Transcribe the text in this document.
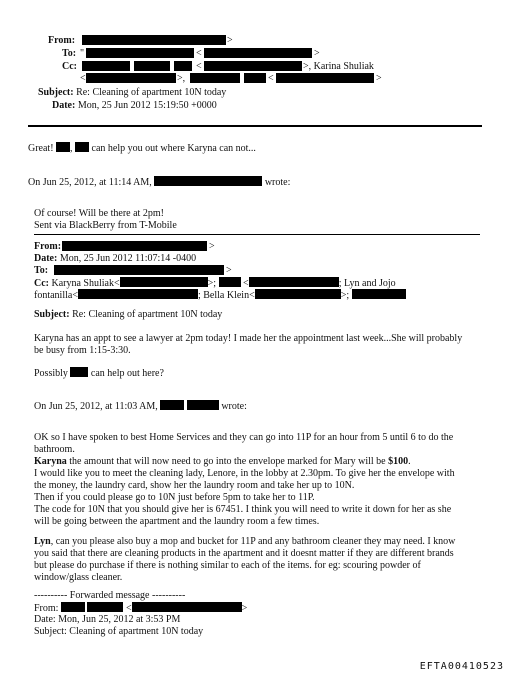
From:	>
To: "	<	>
Cc:	<	>, Karina Shuliak
<	>,	<	>
Subject: Re: Cleaning of apartment 10N today
Date: Mon, 25 Jun 2012 15:19:50 +0000
Great! ,  can help you out where Karyna can not...
On Jun 25, 2012, at 11:14 AM,	wrote:
Of course! Will be there at 2pm!
Sent via BlackBerry from T-Mobile
From:	>
Date: Mon, 25 Jun 2012 11:07:14 -0400
To:	>
Cc: Karyna Shuliak<	>;  <	; Lyn and Jojo
fontanilla<	; Bella Klein<	>;
Subject: Re: Cleaning of apartment 10N today
Karyna has an appt to see a lawyer at 2pm today! I made her the appointment last week...She will probably be busy from 1:15-3:30.
Possibly can help out here?
On Jun 25, 2012, at 11:03 AM,	wrote:
OK so I have spoken to best Home Services and they can go into 11P for an hour from 5 until 6 to do the bathroom.
Karyna the amount that will now need to go into the envelope marked for Mary will be $100.
I would like you to meet the cleaning lady, Lenore, in the lobby at 2.30pm. To give her the envelope with the money, the laundry card, show her the laundry room and take her up to 10N.
Then if you could please go to 10N just before 5pm to take her to 11P.
The code for 10N that you should give her is 67451. I think you will need to write it down for her as she will be going between the apartment and the laundry room a few times.
Lyn, can you please also buy a mop and bucket for 11P and any bathroom cleaner they may need. I know you said that there are cleaning products in the apartment and it doesnt matter if they are different brands but please do purchase if there is nothing similar to each of the items. for eg: scouring powder of window/glass cleaner.
---------- Forwarded message ----------
From:	<	>
Date: Mon, Jun 25, 2012 at 3:53 PM
Subject: Cleaning of apartment 10N today
EFTA00410523
